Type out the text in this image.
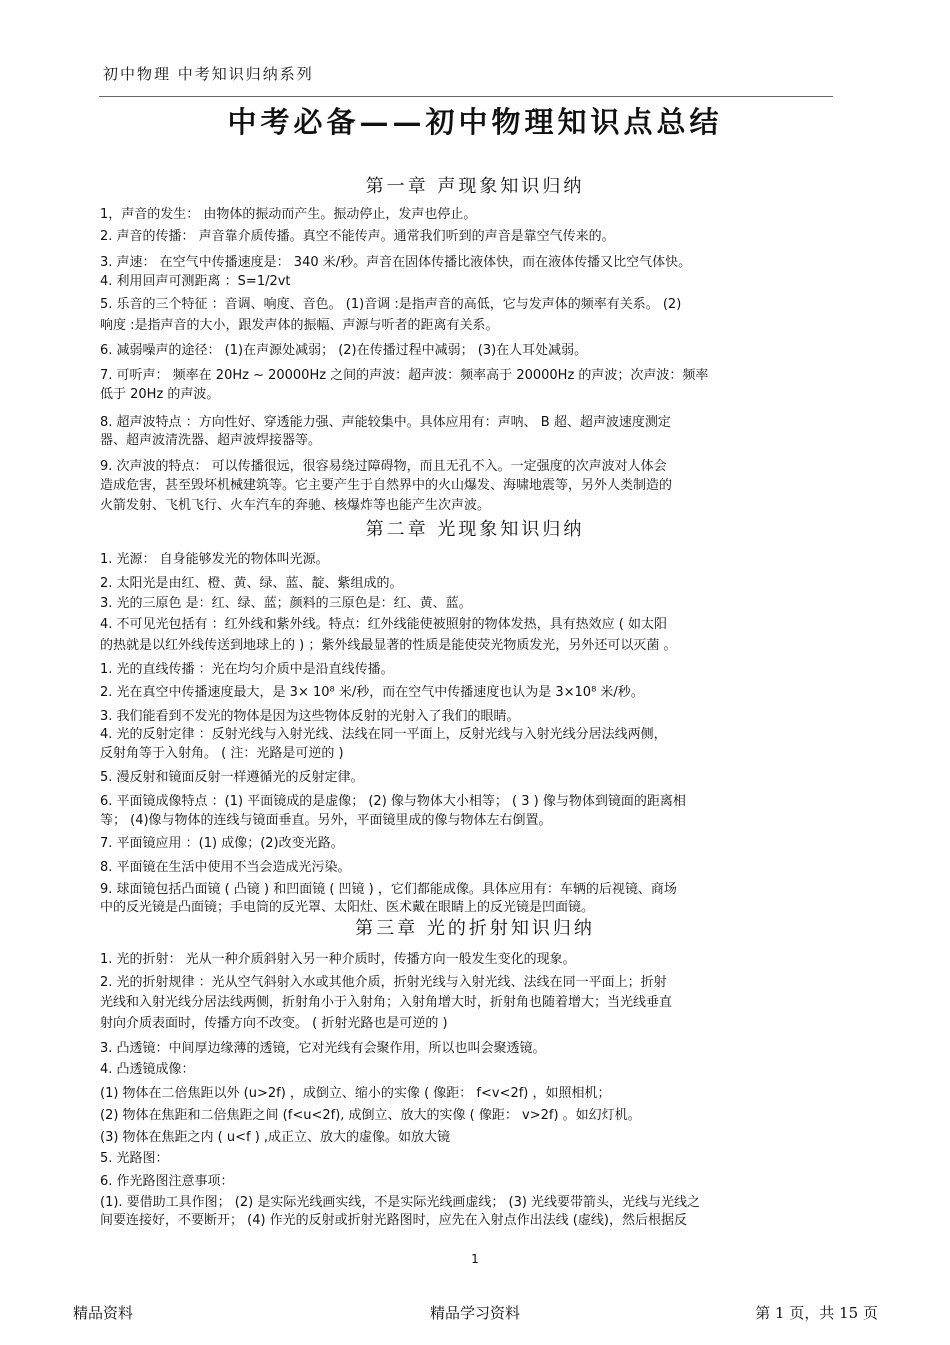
初中物理 中考知识归纳系列
中考必备——初中物理知识点总结
第一章 声现象知识归纳
第二章 光现象知识归纳
第三章 光的折射知识归纳
1，声音的发生： 由物体的振动而产生。振动停止，发声也停止。
2. 声音的传播： 声音靠介质传播。真空不能传声。通常我们听到的声音是靠空气传来的。
3. 声速： 在空气中传播速度是： 340 米/秒。声音在固体传播比液体快，而在液体传播又比空气体快。
4. 利用回声可测距离 ：S=1/2vt
5. 乐音的三个特征 ：音调、响度、音色。 (1)音调 :是指声音的高低，它与发声体的频率有关系。 (2)
响度 :是指声音的大小，跟发声体的振幅、声源与听者的距离有关系。
6. 减弱噪声的途径： (1)在声源处减弱； (2)在传播过程中减弱； (3)在人耳处减弱。
7. 可听声： 频率在 20Hz ~ 20000Hz 之间的声波：超声波：频率高于 20000Hz 的声波；次声波：频率
低于 20Hz 的声波。
8. 超声波特点 ：方向性好、穿透能力强、声能较集中。具体应用有：声呐、 B 超、超声波速度测定
器、超声波清洗器、超声波焊接器等。
9. 次声波的特点： 可以传播很远，很容易绕过障碍物，而且无孔不入。一定强度的次声波对人体会
造成危害，甚至毁坏机械建筑等。它主要产生于自然界中的火山爆发、海啸地震等，另外人类制造的
火箭发射、飞机飞行、火车汽车的奔驰、核爆炸等也能产生次声波。
1. 光源： 自身能够发光的物体叫光源。
2. 太阳光是由红、橙、黄、绿、蓝、靛、紫组成的。
3. 光的三原色 是：红、绿、蓝；颜料的三原色是：红、黄、蓝。
4. 不可见光包括有 ：红外线和紫外线。特点：红外线能使被照射的物体发热，具有热效应 ( 如太阳
的热就是以红外线传送到地球上的 ) ；紫外线最显著的性质是能使荧光物质发光，另外还可以灭菌 。
1. 光的直线传播 ：光在均匀介质中是沿直线传播。
2. 光在真空中传播速度最大，是 3× 10⁸ 米/秒，而在空气中传播速度也认为是 3×10⁸ 米/秒。
3. 我们能看到不发光的物体是因为这些物体反射的光射入了我们的眼睛。
4. 光的反射定律 ：反射光线与入射光线、法线在同一平面上，反射光线与入射光线分居法线两侧，
反射角等于入射角。 ( 注：光路是可逆的 )
5. 漫反射和镜面反射一样遵循光的反射定律。
6. 平面镜成像特点 ：(1) 平面镜成的是虚像； (2) 像与物体大小相等； ( 3 ) 像与物体到镜面的距离相
等； (4)像与物体的连线与镜面垂直。另外，平面镜里成的像与物体左右倒置。
7. 平面镜应用 ：(1) 成像；(2)改变光路。
8. 平面镜在生活中使用不当会造成光污染。
9. 球面镜包括凸面镜 ( 凸镜 ) 和凹面镜 ( 凹镜 ) ，它们都能成像。具体应用有：车辆的后视镜、商场
中的反光镜是凸面镜；手电筒的反光罩、太阳灶、医术戴在眼睛上的反光镜是凹面镜。
1. 光的折射： 光从一种介质斜射入另一种介质时，传播方向一般发生变化的现象。
2. 光的折射规律 ：光从空气斜射入水或其他介质，折射光线与入射光线、法线在同一平面上；折射
光线和入射光线分居法线两侧，折射角小于入射角；入射角增大时，折射角也随着增大；当光线垂直
射向介质表面时，传播方向不改变。 ( 折射光路也是可逆的 )
3. 凸透镜：中间厚边缘薄的透镜，它对光线有会聚作用，所以也叫会聚透镜。
4. 凸透镜成像：
(1) 物体在二倍焦距以外 (u>2f) ，成倒立、缩小的实像 ( 像距： f<v<2f) ，如照相机；
(2) 物体在焦距和二倍焦距之间 (f<u<2f), 成倒立、放大的实像 ( 像距： v>2f) 。如幻灯机。
(3) 物体在焦距之内 ( u<f ) ,成正立、放大的虚像。如放大镜
5. 光路图：
6. 作光路图注意事项：
(1). 要借助工具作图； (2) 是实际光线画实线，不是实际光线画虚线； (3) 光线要带箭头，光线与光线之
间要连接好，不要断开； (4) 作光的反射或折射光路图时，应先在入射点作出法线 (虚线)，然后根据反
1
精品资料	精品学习资料	第 1 页，共 15 页
